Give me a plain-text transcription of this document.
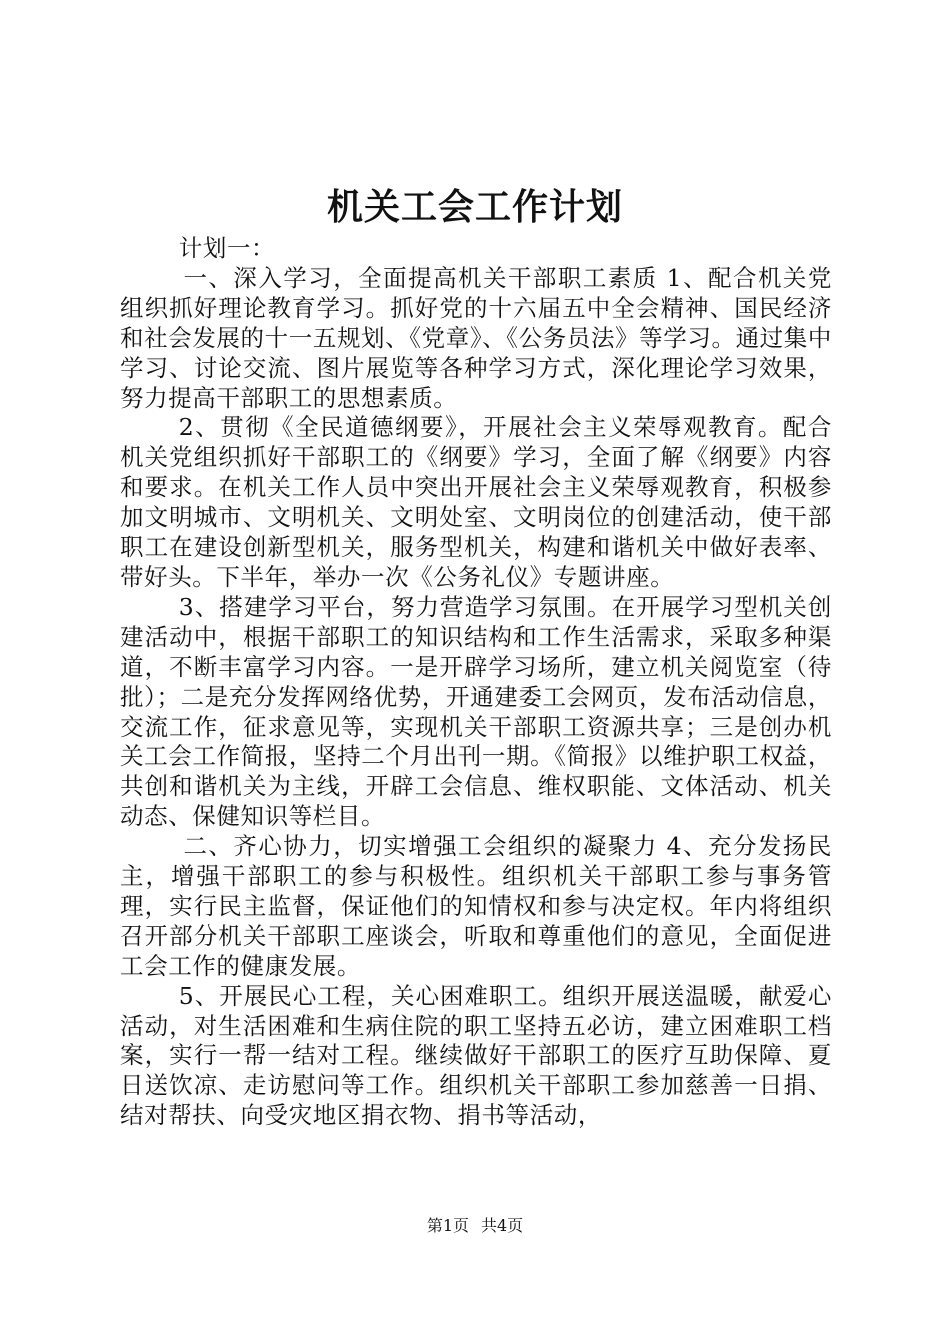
机关工会工作计划

计划一：

一、深入学习，全面提高机关干部职工素质 1、配合机关党组织抓好理论教育学习。抓好党的十六届五中全会精神、国民经济和社会发展的十一五规划、《党章》、《公务员法》等学习。通过集中学习、讨论交流、图片展览等各种学习方式，深化理论学习效果，努力提高干部职工的思想素质。

2、贯彻《全民道德纲要》，开展社会主义荣辱观教育。配合机关党组织抓好干部职工的《纲要》学习，全面了解《纲要》内容和要求。在机关工作人员中突出开展社会主义荣辱观教育，积极参加文明城市、文明机关、文明处室、文明岗位的创建活动，使干部职工在建设创新型机关，服务型机关，构建和谐机关中做好表率、带好头。下半年，举办一次《公务礼仪》专题讲座。

3、搭建学习平台，努力营造学习氛围。在开展学习型机关创建活动中，根据干部职工的知识结构和工作生活需求，采取多种渠道，不断丰富学习内容。一是开辟学习场所，建立机关阅览室（待批）；二是充分发挥网络优势，开通建委工会网页，发布活动信息，交流工作，征求意见等，实现机关干部职工资源共享；三是创办机关工会工作简报，坚持二个月出刊一期。《简报》以维护职工权益，共创和谐机关为主线，开辟工会信息、维权职能、文体活动、机关动态、保健知识等栏目。

二、齐心协力，切实增强工会组织的凝聚力 4、充分发扬民主，增强干部职工的参与积极性。组织机关干部职工参与事务管理，实行民主监督，保证他们的知情权和参与决定权。年内将组织召开部分机关干部职工座谈会，听取和尊重他们的意见，全面促进工会工作的健康发展。

5、开展民心工程，关心困难职工。组织开展送温暖，献爱心活动，对生活困难和生病住院的职工坚持五必访，建立困难职工档案，实行一帮一结对工程。继续做好干部职工的医疗互助保障、夏日送饮凉、走访慰问等工作。组织机关干部职工参加慈善一日捐、结对帮扶、向受灾地区捐衣物、捐书等活动，

第1页 共4页
